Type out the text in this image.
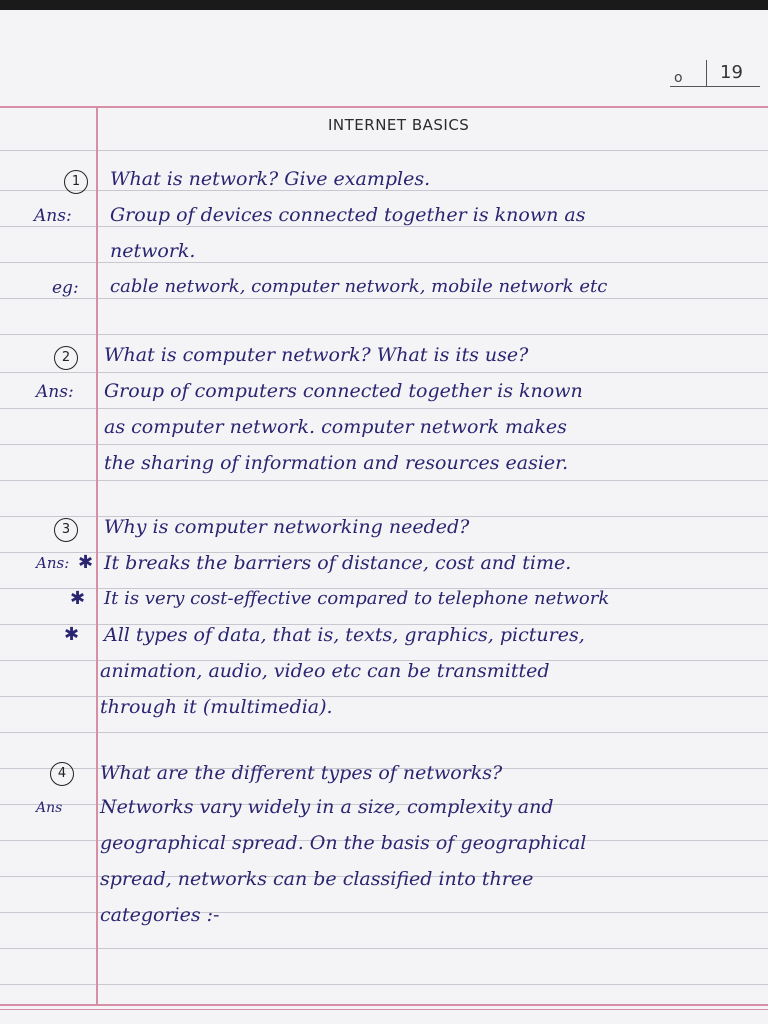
o 19
INTERNET BASICS
1	What is network? Give examples.
Ans: Group of devices connected together is known as
network.
eg: cable network, computer network, mobile network etc
2	What is computer network? What is its use?
Ans: Group of computers connected together is known
as computer network. computer network makes
the sharing of information and resources easier.
3	Why is computer networking needed?
Ans: ✱ It breaks the barriers of distance, cost and time.
✱ It is very cost-effective compared to telephone network
✱ All types of data, that is, texts, graphics, pictures,
animation, audio, video etc can be transmitted
through it (multimedia).
4	What are the different types of networks?
Ans Networks vary widely in a size, complexity and
geographical spread. On the basis of geographical
spread, networks can be classified into three
categories :-
